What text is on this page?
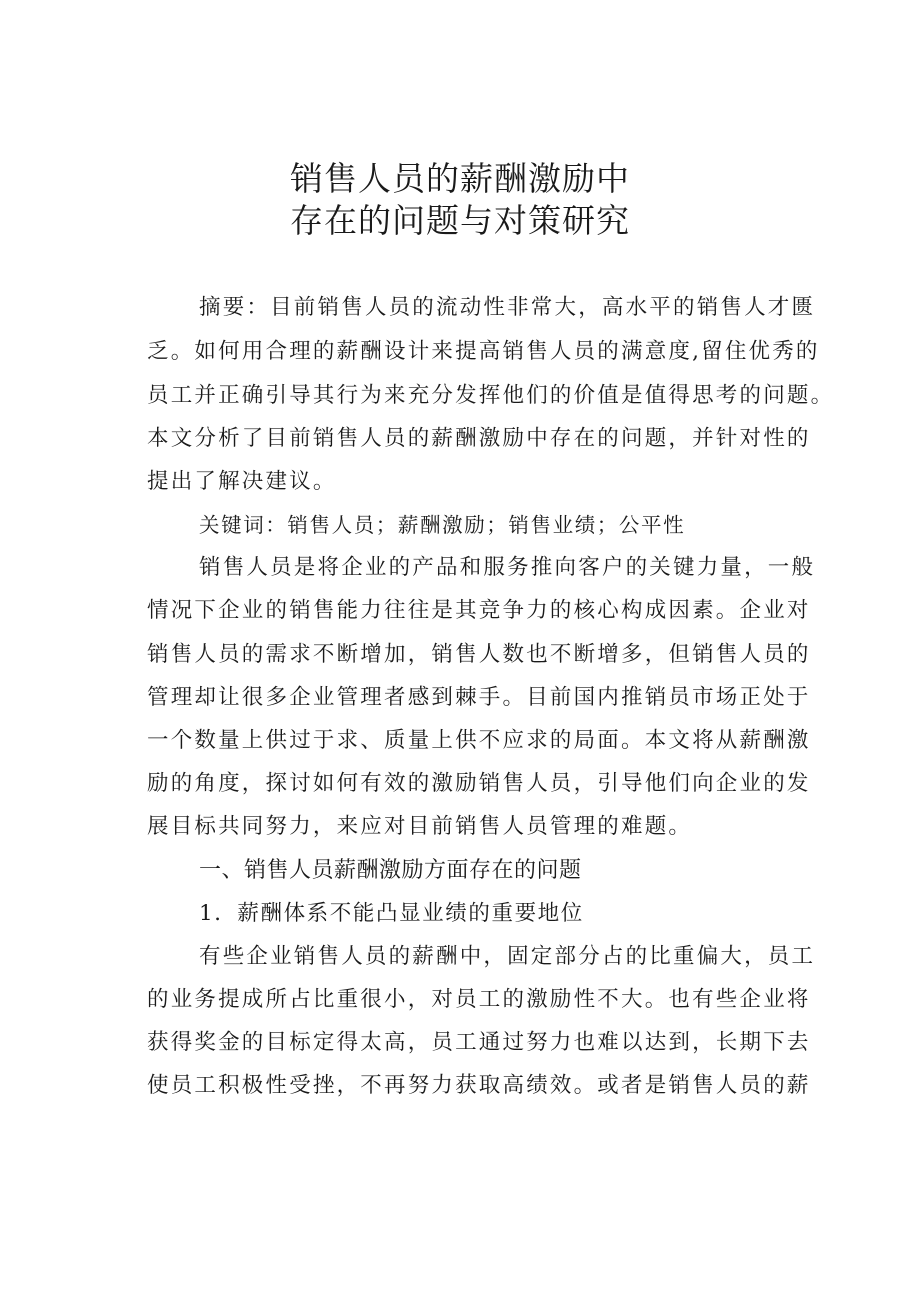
销售人员的薪酬激励中
存在的问题与对策研究

摘要：目前销售人员的流动性非常大，高水平的销售人才匮

乏。如何用合理的薪酬设计来提高销售人员的满意度,留住优秀的

员工并正确引导其行为来充分发挥他们的价值是值得思考的问题。

本文分析了目前销售人员的薪酬激励中存在的问题，并针对性的

提出了解决建议。

关键词：销售人员；薪酬激励；销售业绩；公平性

销售人员是将企业的产品和服务推向客户的关键力量，一般

情况下企业的销售能力往往是其竞争力的核心构成因素。企业对

销售人员的需求不断增加，销售人数也不断增多，但销售人员的

管理却让很多企业管理者感到棘手。目前国内推销员市场正处于

一个数量上供过于求、质量上供不应求的局面。本文将从薪酬激

励的角度，探讨如何有效的激励销售人员，引导他们向企业的发

展目标共同努力，来应对目前销售人员管理的难题。

一、销售人员薪酬激励方面存在的问题

1．薪酬体系不能凸显业绩的重要地位

有些企业销售人员的薪酬中，固定部分占的比重偏大，员工

的业务提成所占比重很小，对员工的激励性不大。也有些企业将

获得奖金的目标定得太高，员工通过努力也难以达到，长期下去

使员工积极性受挫，不再努力获取高绩效。或者是销售人员的薪
